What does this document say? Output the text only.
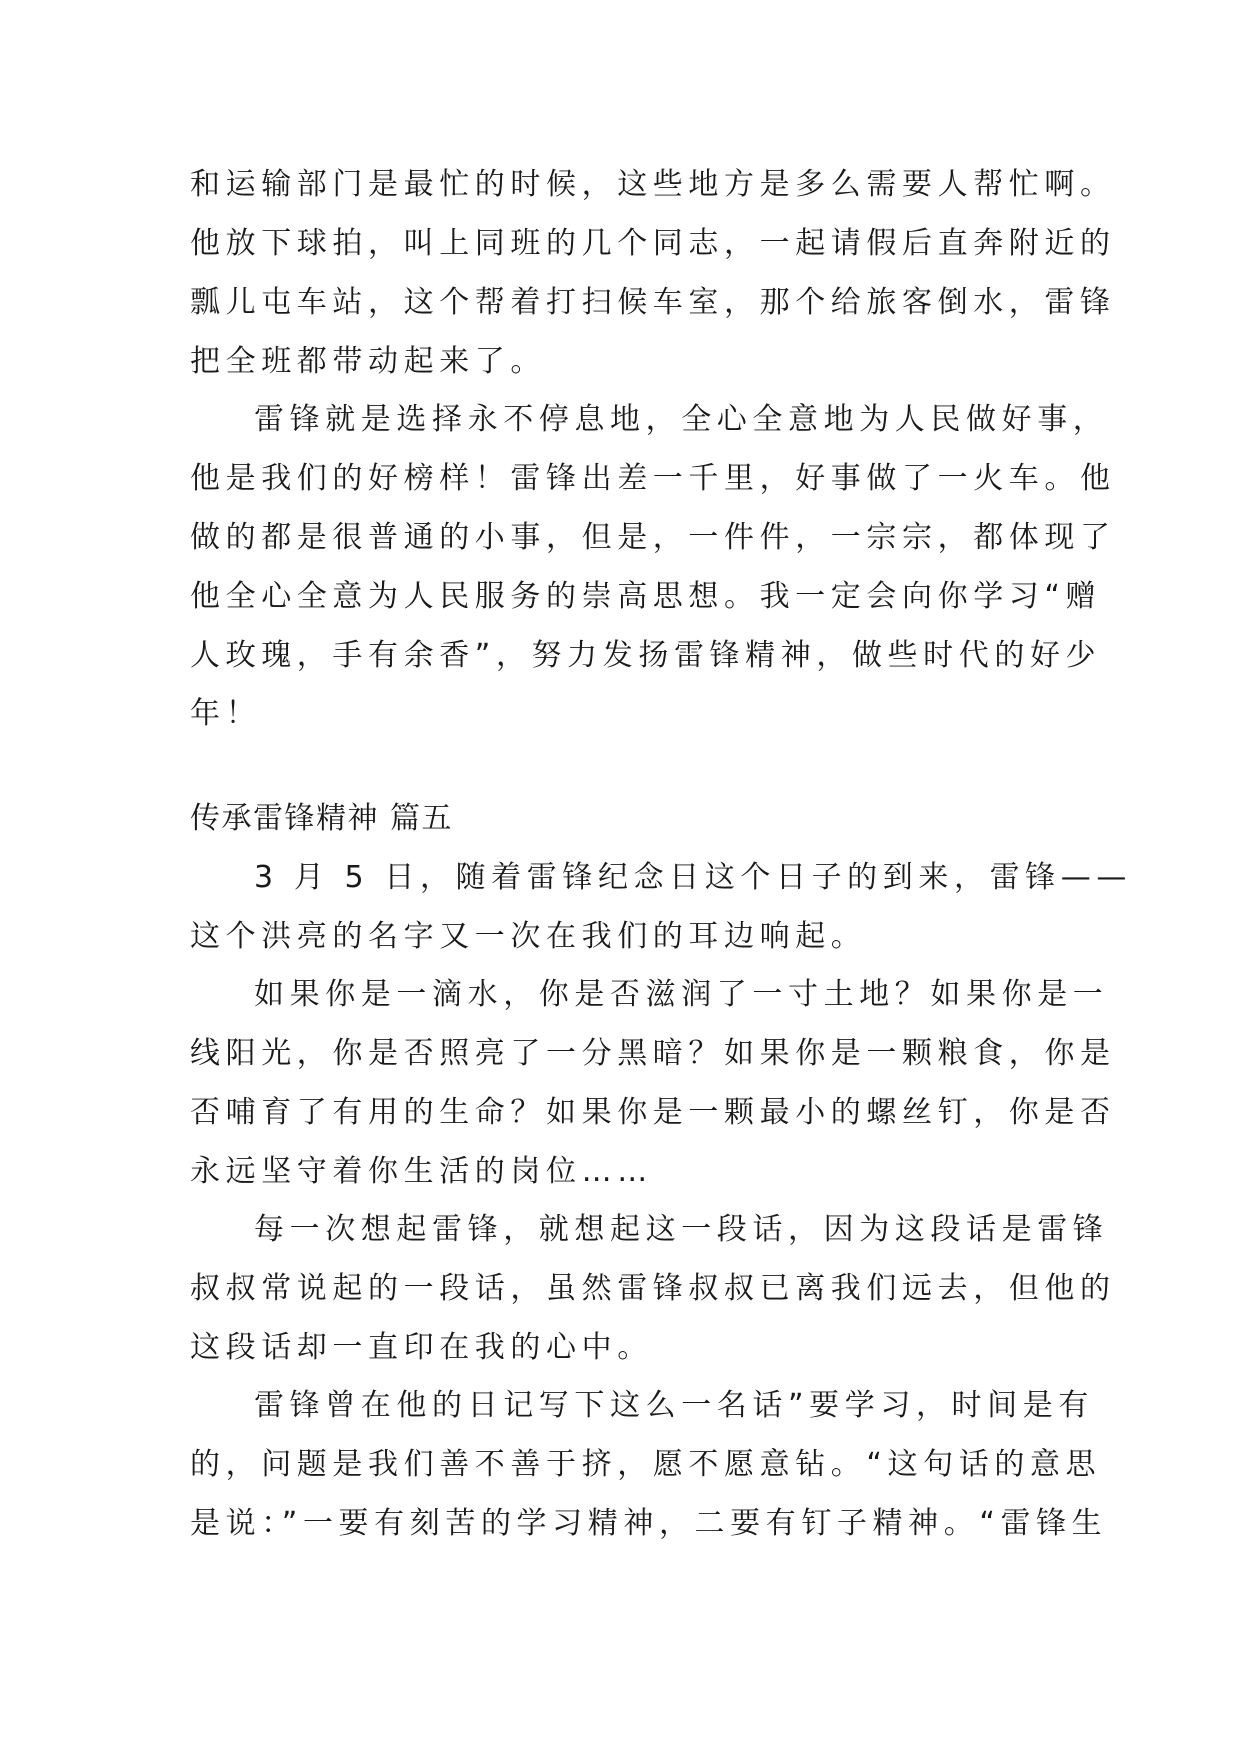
和运输部门是最忙的时候，这些地方是多么需要人帮忙啊。
他放下球拍，叫上同班的几个同志，一起请假后直奔附近的
瓢儿屯车站，这个帮着打扫候车室，那个给旅客倒水，雷锋
把全班都带动起来了。
雷锋就是选择永不停息地，全心全意地为人民做好事，
他是我们的好榜样！雷锋出差一千里，好事做了一火车。他
做的都是很普通的小事，但是，一件件，一宗宗，都体现了
他全心全意为人民服务的崇高思想。我一定会向你学习“赠
人玫瑰，手有余香”，努力发扬雷锋精神，做些时代的好少
年！
传承雷锋精神 篇五
3 月 5 日，随着雷锋纪念日这个日子的到来，雷锋——
这个洪亮的名字又一次在我们的耳边响起。
如果你是一滴水，你是否滋润了一寸土地？如果你是一
线阳光，你是否照亮了一分黑暗？如果你是一颗粮食，你是
否哺育了有用的生命？如果你是一颗最小的螺丝钉，你是否
永远坚守着你生活的岗位……
每一次想起雷锋，就想起这一段话，因为这段话是雷锋
叔叔常说起的一段话，虽然雷锋叔叔已离我们远去，但他的
这段话却一直印在我的心中。
雷锋曾在他的日记写下这么一名话”要学习，时间是有
的，问题是我们善不善于挤，愿不愿意钻。“这句话的意思
是说：”一要有刻苦的学习精神，二要有钉子精神。“雷锋生
